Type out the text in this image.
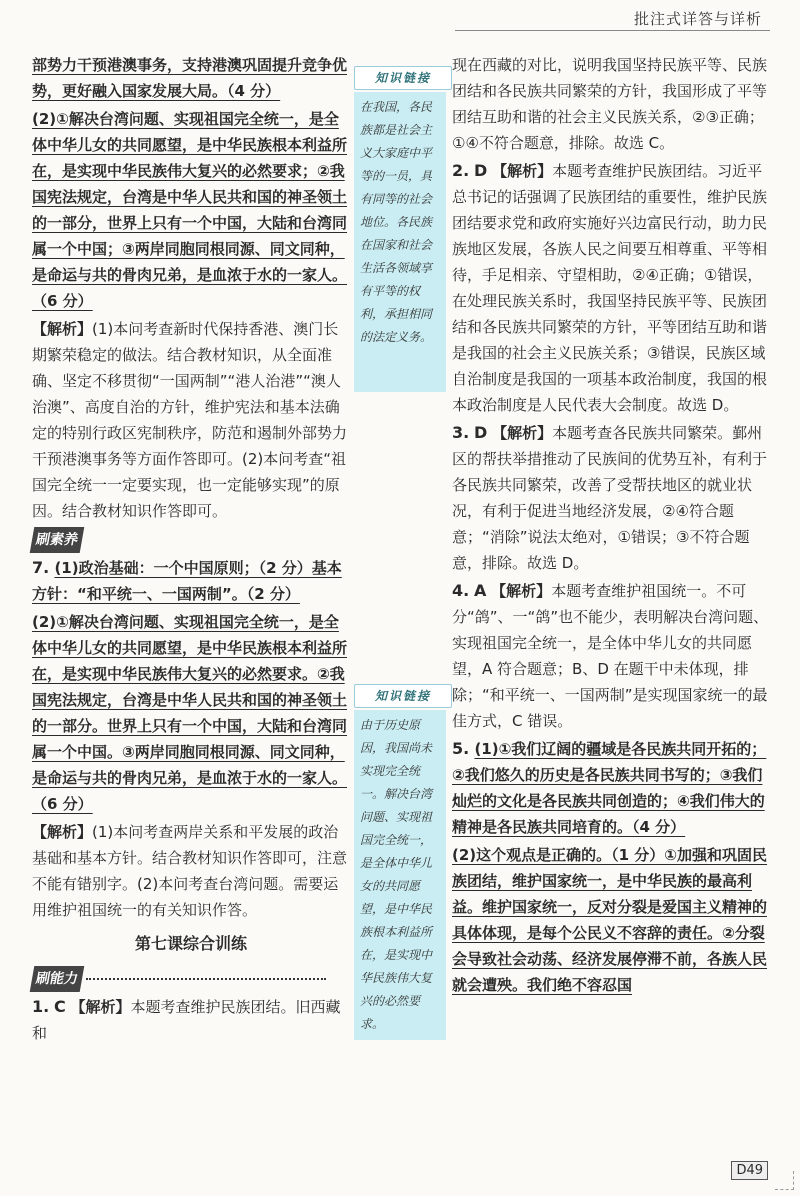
批注式详答与详析

部势力干预港澳事务，支持港澳巩固提升竞争优势，更好融入国家发展大局。（4 分）

(2)①解决台湾问题、实现祖国完全统一，是全体中华儿女的共同愿望，是中华民族根本利益所在，是实现中华民族伟大复兴的必然要求；②我国宪法规定，台湾是中华人民共和国的神圣领土的一部分，世界上只有一个中国，大陆和台湾同属一个中国；③两岸同胞同根同源、同文同种，是命运与共的骨肉兄弟，是血浓于水的一家人。（6 分）

【解析】(1)本问考查新时代保持香港、澳门长期繁荣稳定的做法。结合教材知识，从全面准确、坚定不移贯彻“一国两制”“港人治港”“澳人治澳”、高度自治的方针，维护宪法和基本法确定的特别行政区宪制秩序，防范和遏制外部势力干预港澳事务等方面作答即可。(2)本问考查“祖国完全统一一定要实现，也一定能够实现”的原因。结合教材知识作答即可。

刷素养

7. (1)政治基础：一个中国原则；（2 分）基本方针：“和平统一、一国两制”。（2 分）

(2)①解决台湾问题、实现祖国完全统一，是全体中华儿女的共同愿望，是中华民族根本利益所在，是实现中华民族伟大复兴的必然要求。②我国宪法规定，台湾是中华人民共和国的神圣领土的一部分。世界上只有一个中国，大陆和台湾同属一个中国。③两岸同胞同根同源、同文同种，是命运与共的骨肉兄弟，是血浓于水的一家人。（6 分）

【解析】(1)本问考查两岸关系和平发展的政治基础和基本方针。结合教材知识作答即可，注意不能有错别字。(2)本问考查台湾问题。需要运用维护祖国统一的有关知识作答。

第七课综合训练

刷能力

1. C 【解析】本题考查维护民族团结。旧西藏和

知识链接
在我国，各民族都是社会主义大家庭中平等的一员，具有同等的社会地位。各民族在国家和社会生活各领域享有平等的权利，承担相同的法定义务。
知识链接
由于历史原因，我国尚未实现完全统一。解决台湾问题、实现祖国完全统一，是全体中华儿女的共同愿望，是中华民族根本利益所在，是实现中华民族伟大复兴的必然要求。

现在西藏的对比，说明我国坚持民族平等、民族团结和各民族共同繁荣的方针，我国形成了平等团结互助和谐的社会主义民族关系，②③正确；①④不符合题意，排除。故选 C。

2. D 【解析】本题考查维护民族团结。习近平总书记的话强调了民族团结的重要性，维护民族团结要求党和政府实施好兴边富民行动，助力民族地区发展，各族人民之间要互相尊重、平等相待，手足相亲、守望相助，②④正确；①错误，在处理民族关系时，我国坚持民族平等、民族团结和各民族共同繁荣的方针，平等团结互助和谐是我国的社会主义民族关系；③错误，民族区域自治制度是我国的一项基本政治制度，我国的根本政治制度是人民代表大会制度。故选 D。

3. D 【解析】本题考查各民族共同繁荣。鄞州区的帮扶举措推动了民族间的优势互补，有利于各民族共同繁荣，改善了受帮扶地区的就业状况，有利于促进当地经济发展，②④符合题意；“消除”说法太绝对，①错误；③不符合题意，排除。故选 D。

4. A 【解析】本题考查维护祖国统一。不可分“鸽”、一“鸽”也不能少，表明解决台湾问题、实现祖国完全统一，是全体中华儿女的共同愿望，A 符合题意；B、D 在题干中未体现，排除；“和平统一、一国两制”是实现国家统一的最佳方式，C 错误。

5. (1)①我们辽阔的疆域是各民族共同开拓的；②我们悠久的历史是各民族共同书写的；③我们灿烂的文化是各民族共同创造的；④我们伟大的精神是各民族共同培育的。（4 分）

(2)这个观点是正确的。（1 分）①加强和巩固民族团结，维护国家统一，是中华民族的最高利益。维护国家统一，反对分裂是爱国主义精神的具体体现，是每个公民义不容辞的责任。②分裂会导致社会动荡、经济发展停滞不前，各族人民就会遭殃。我们绝不容忍国

D49
